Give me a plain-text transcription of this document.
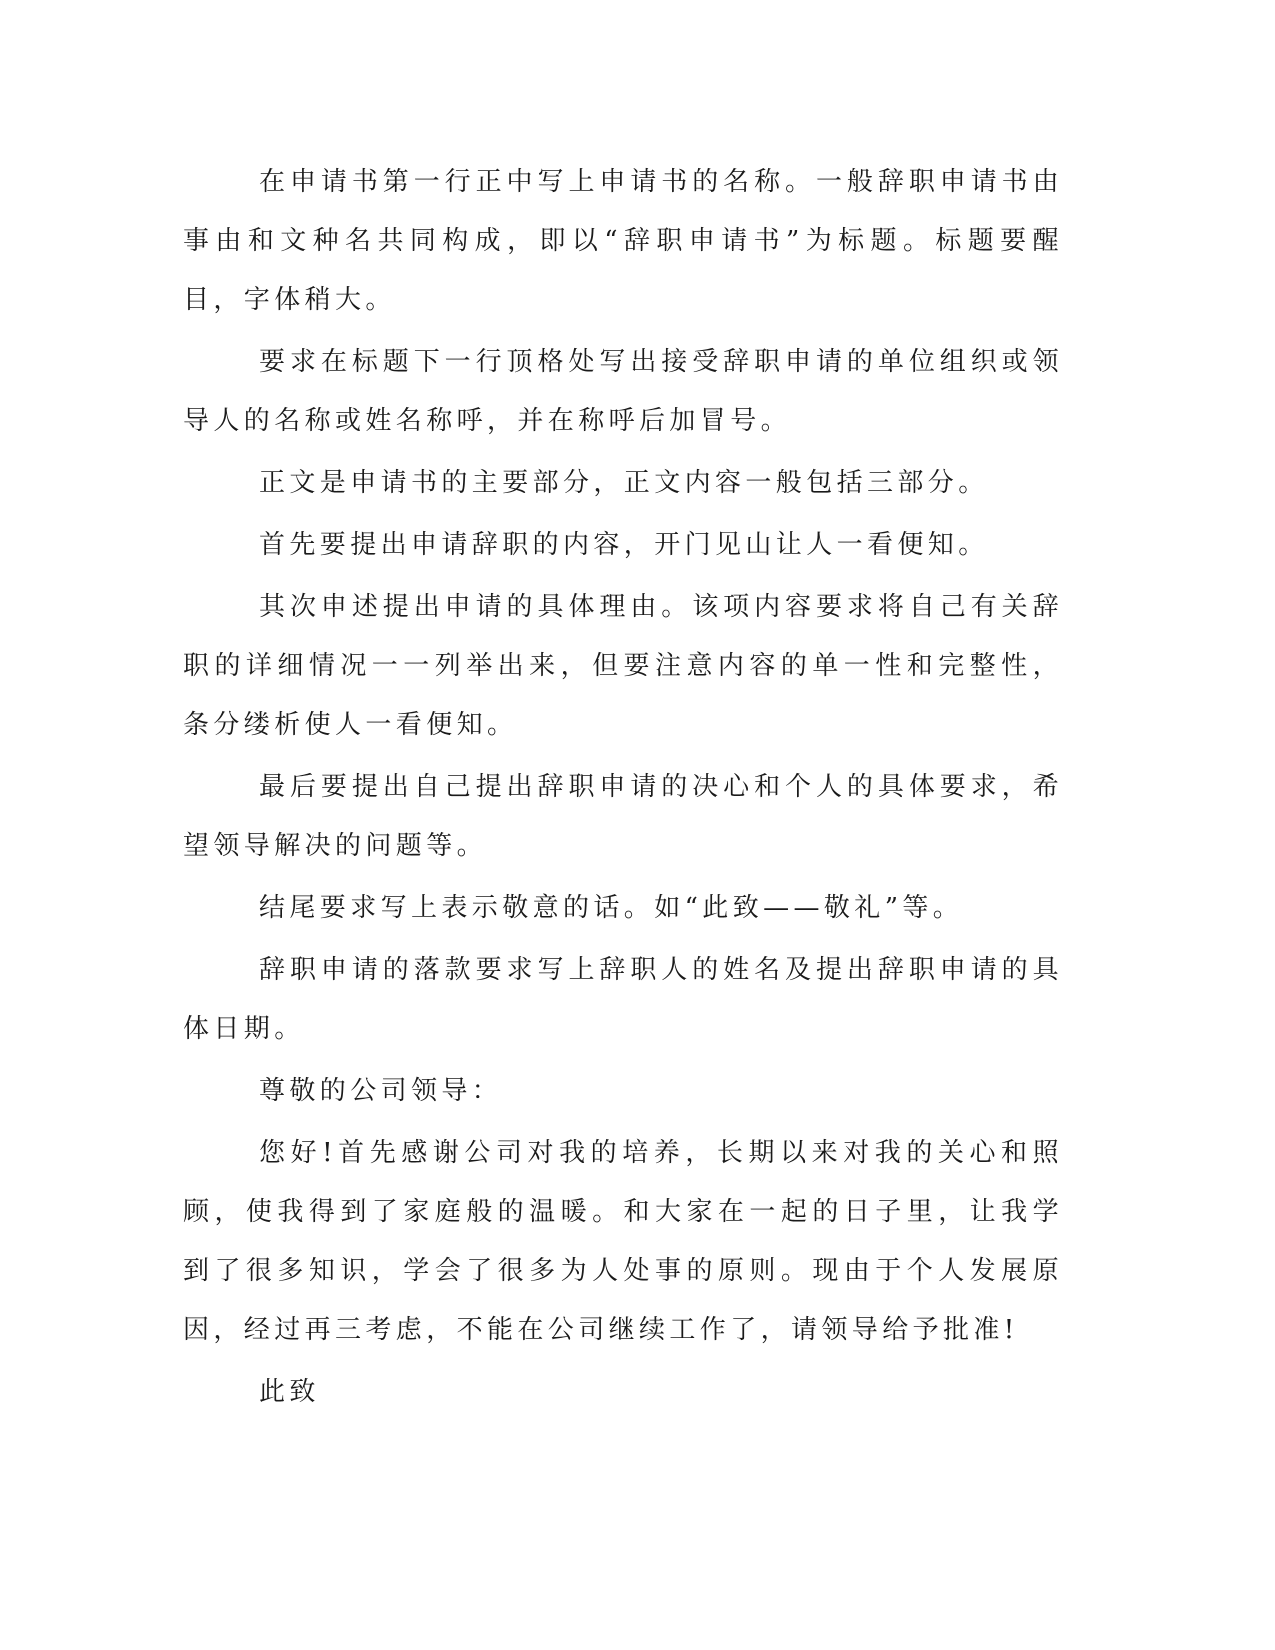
在申请书第一行正中写上申请书的名称。一般辞职申请书由事由和文种名共同构成，即以“辞职申请书”为标题。标题要醒目，字体稍大。

要求在标题下一行顶格处写出接受辞职申请的单位组织或领导人的名称或姓名称呼，并在称呼后加冒号。

正文是申请书的主要部分，正文内容一般包括三部分。

首先要提出申请辞职的内容，开门见山让人一看便知。

其次申述提出申请的具体理由。该项内容要求将自己有关辞职的详细情况一一列举出来，但要注意内容的单一性和完整性，条分缕析使人一看便知。

最后要提出自己提出辞职申请的决心和个人的具体要求，希望领导解决的问题等。

结尾要求写上表示敬意的话。如“此致——敬礼”等。

辞职申请的落款要求写上辞职人的姓名及提出辞职申请的具体日期。

尊敬的公司领导：

您好!首先感谢公司对我的培养，长期以来对我的关心和照顾，使我得到了家庭般的温暖。和大家在一起的日子里，让我学到了很多知识，学会了很多为人处事的原则。现由于个人发展原因，经过再三考虑，不能在公司继续工作了，请领导给予批准!

此致
